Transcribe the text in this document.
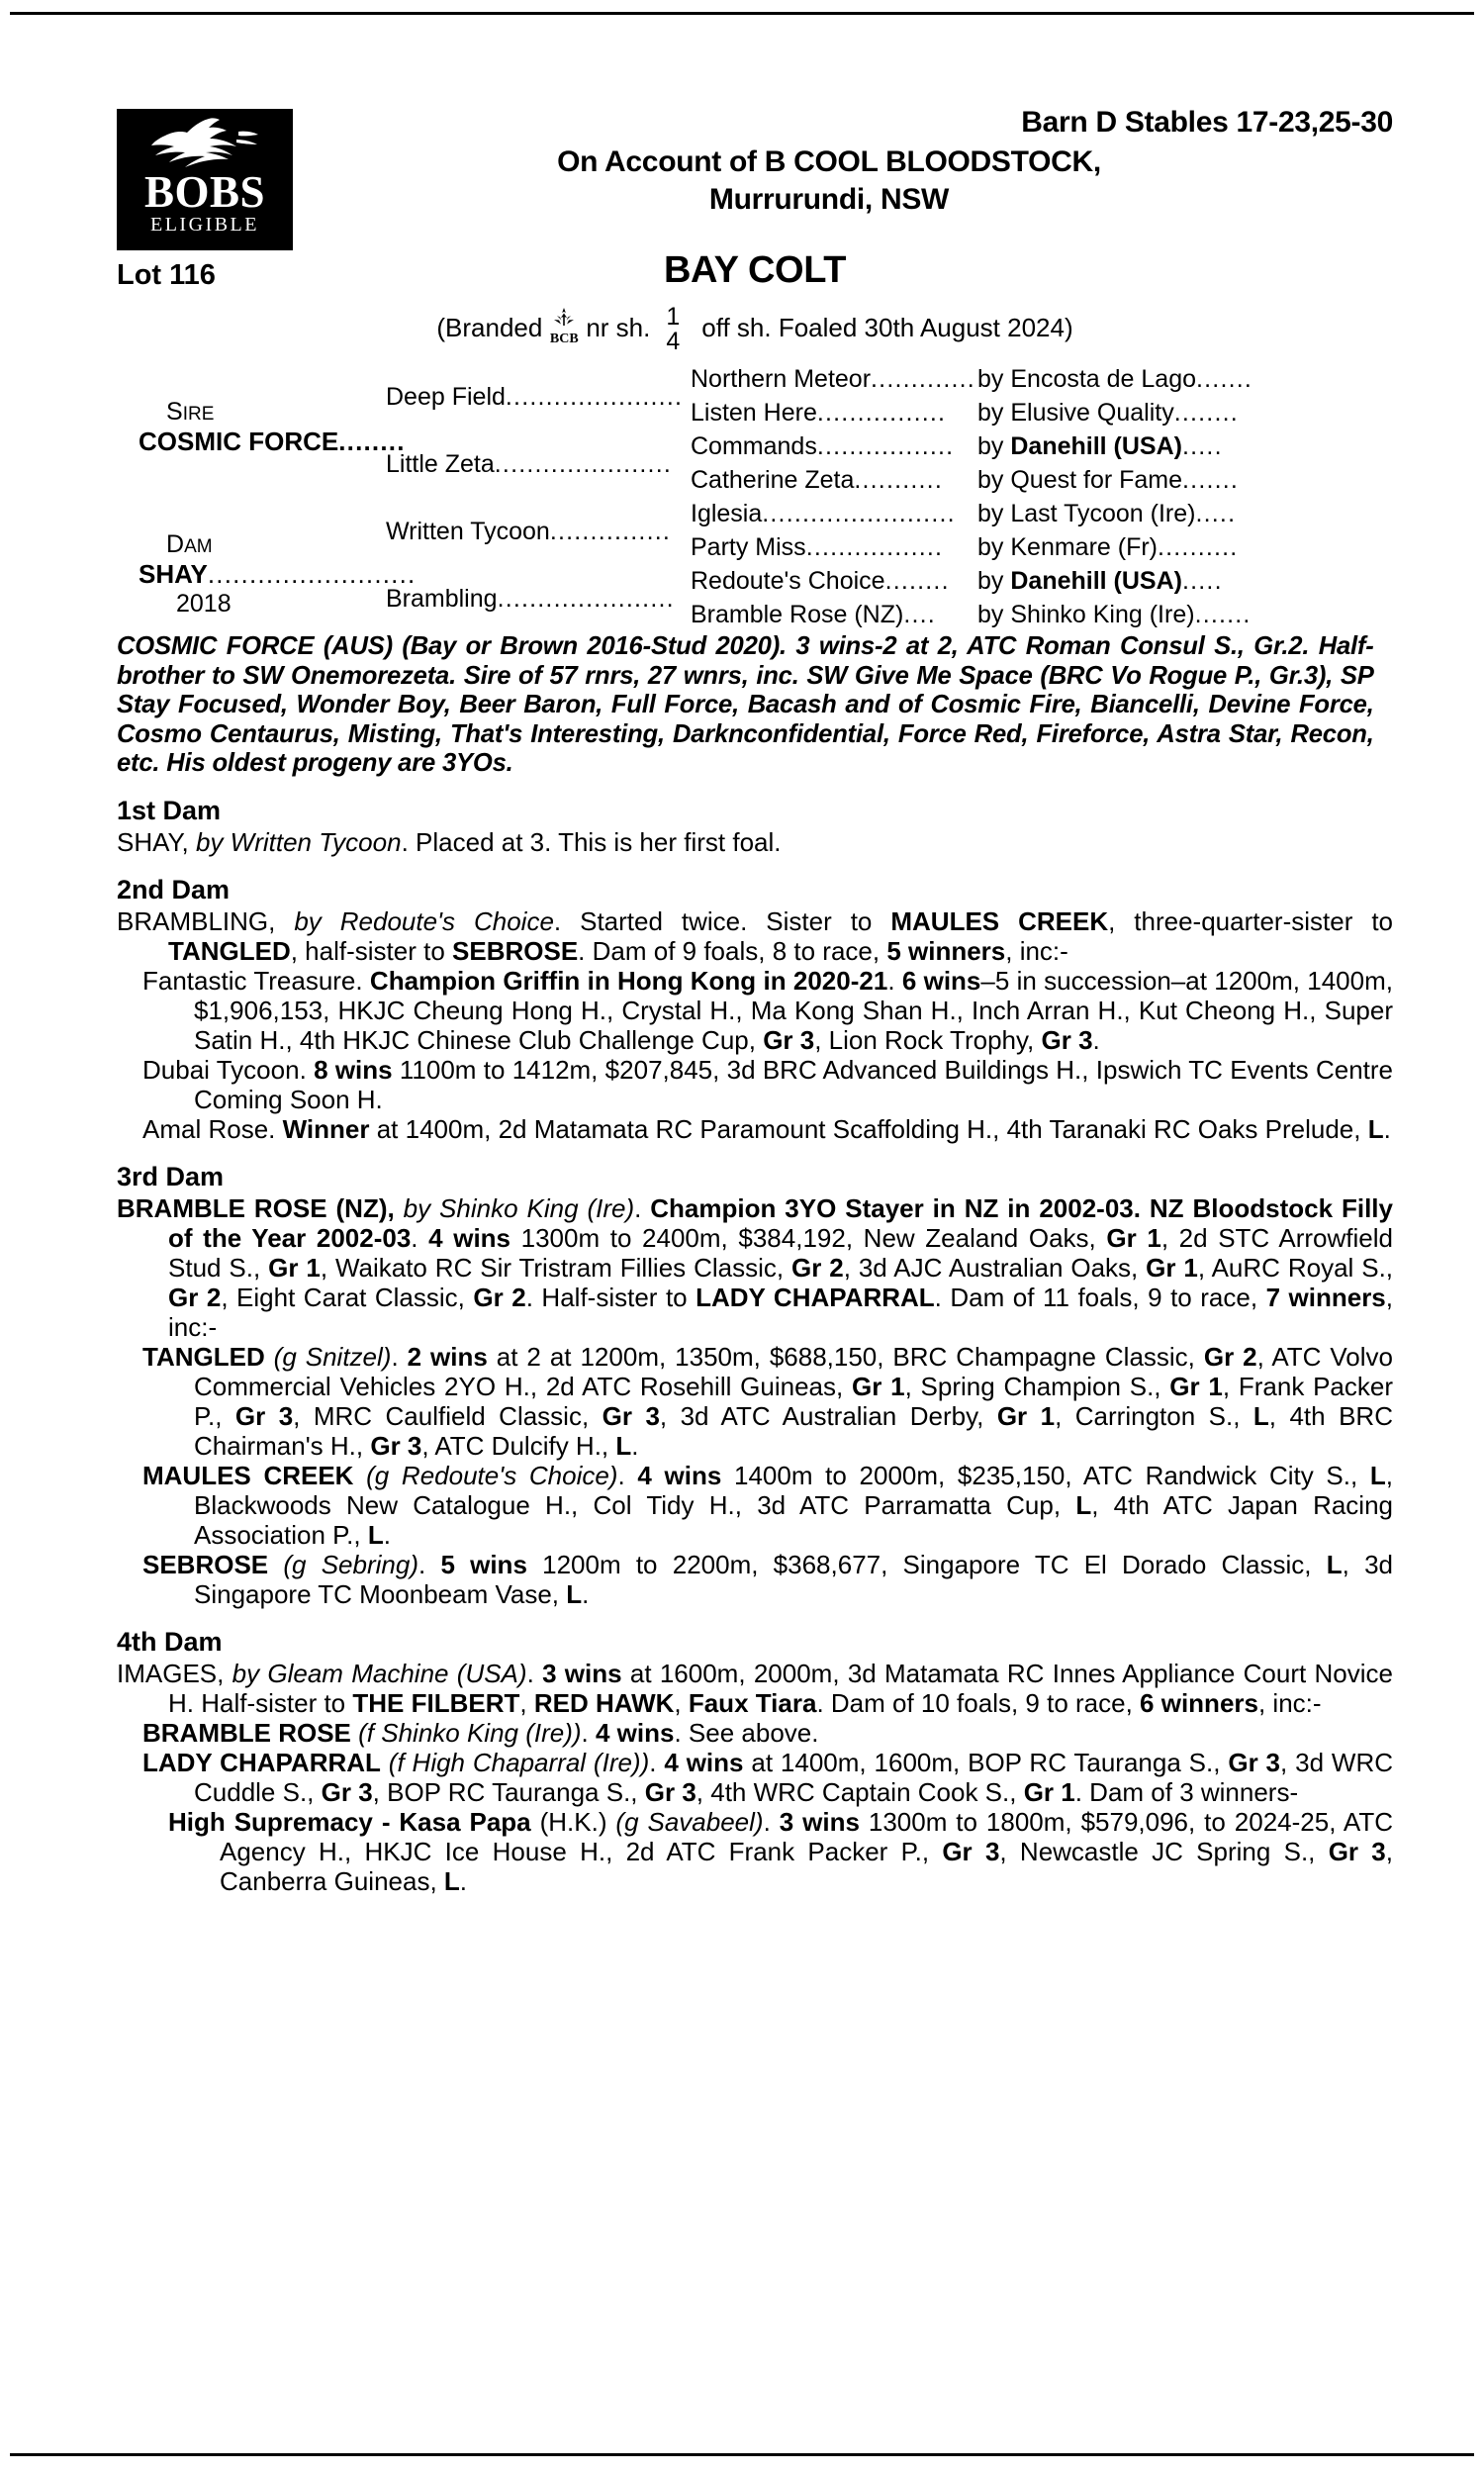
BOBS
ELIGIBLE
Barn D Stables 17-23,25-30
On Account of B COOL BLOODSTOCK,
Murrurundi, NSW
Lot 116	BAY COLT
(Branded BCB nr sh. 1
4 off sh. Foaled 30th August 2024)
SIRE
COSMIC FORCE........
DAM
SHAY.........................
2018
Deep Field......................
Little Zeta......................
Written Tycoon...............
Brambling......................
Northern Meteor.............
Listen Here................
Commands.................
Catherine Zeta...........
Iglesia........................
Party Miss.................
Redoute's Choice........
Bramble Rose (NZ)....
by Encosta de Lago.......
by Elusive Quality........
by Danehill (USA).....
by Quest for Fame.......
by Last Tycoon (Ire).....
by Kenmare (Fr)..........
by Danehill (USA).....
by Shinko King (Ire).......
COSMIC FORCE (AUS) (Bay or Brown 2016-Stud 2020). 3 wins-2 at 2, ATC Roman Consul S., Gr.2. Half-brother to SW Onemorezeta. Sire of 57 rnrs, 27 wnrs, inc. SW Give Me Space (BRC Vo Rogue P., Gr.3), SP Stay Focused, Wonder Boy, Beer Baron, Full Force, Bacash and of Cosmic Fire, Biancelli, Devine Force, Cosmo Centaurus, Misting, That's Interesting, Darknconfidential, Force Red, Fireforce, Astra Star, Recon, etc. His oldest progeny are 3YOs.
1st Dam
SHAY, by Written Tycoon. Placed at 3. This is her first foal.
2nd Dam
BRAMBLING, by Redoute's Choice. Started twice. Sister to MAULES CREEK, three-quarter-sister to TANGLED, half-sister to SEBROSE. Dam of 9 foals, 8 to race, 5 winners, inc:-
Fantastic Treasure. Champion Griffin in Hong Kong in 2020-21. 6 wins–5 in succession–at 1200m, 1400m, $1,906,153, HKJC Cheung Hong H., Crystal H., Ma Kong Shan H., Inch Arran H., Kut Cheong H., Super Satin H., 4th HKJC Chinese Club Challenge Cup, Gr 3, Lion Rock Trophy, Gr 3.
Dubai Tycoon. 8 wins 1100m to 1412m, $207,845, 3d BRC Advanced Buildings H., Ipswich TC Events Centre Coming Soon H.
Amal Rose. Winner at 1400m, 2d Matamata RC Paramount Scaffolding H., 4th Taranaki RC Oaks Prelude, L.
3rd Dam
BRAMBLE ROSE (NZ), by Shinko King (Ire). Champion 3YO Stayer in NZ in 2002-03. NZ Bloodstock Filly of the Year 2002-03. 4 wins 1300m to 2400m, $384,192, New Zealand Oaks, Gr 1, 2d STC Arrowfield Stud S., Gr 1, Waikato RC Sir Tristram Fillies Classic, Gr 2, 3d AJC Australian Oaks, Gr 1, AuRC Royal S., Gr 2, Eight Carat Classic, Gr 2. Half-sister to LADY CHAPARRAL. Dam of 11 foals, 9 to race, 7 winners, inc:-
TANGLED (g Snitzel). 2 wins at 2 at 1200m, 1350m, $688,150, BRC Champagne Classic, Gr 2, ATC Volvo Commercial Vehicles 2YO H., 2d ATC Rosehill Guineas, Gr 1, Spring Champion S., Gr 1, Frank Packer P., Gr 3, MRC Caulfield Classic, Gr 3, 3d ATC Australian Derby, Gr 1, Carrington S., L, 4th BRC Chairman's H., Gr 3, ATC Dulcify H., L.
MAULES CREEK (g Redoute's Choice). 4 wins 1400m to 2000m, $235,150, ATC Randwick City S., L, Blackwoods New Catalogue H., Col Tidy H., 3d ATC Parramatta Cup, L, 4th ATC Japan Racing Association P., L.
SEBROSE (g Sebring). 5 wins 1200m to 2200m, $368,677, Singapore TC El Dorado Classic, L, 3d Singapore TC Moonbeam Vase, L.
4th Dam
IMAGES, by Gleam Machine (USA). 3 wins at 1600m, 2000m, 3d Matamata RC Innes Appliance Court Novice H. Half-sister to THE FILBERT, RED HAWK, Faux Tiara. Dam of 10 foals, 9 to race, 6 winners, inc:-
BRAMBLE ROSE (f Shinko King (Ire)). 4 wins. See above.
LADY CHAPARRAL (f High Chaparral (Ire)). 4 wins at 1400m, 1600m, BOP RC Tauranga S., Gr 3, 3d WRC Cuddle S., Gr 3, BOP RC Tauranga S., Gr 3, 4th WRC Captain Cook S., Gr 1. Dam of 3 winners-
High Supremacy - Kasa Papa (H.K.) (g Savabeel). 3 wins 1300m to 1800m, $579,096, to 2024-25, ATC Agency H., HKJC Ice House H., 2d ATC Frank Packer P., Gr 3, Newcastle JC Spring S., Gr 3, Canberra Guineas, L.
